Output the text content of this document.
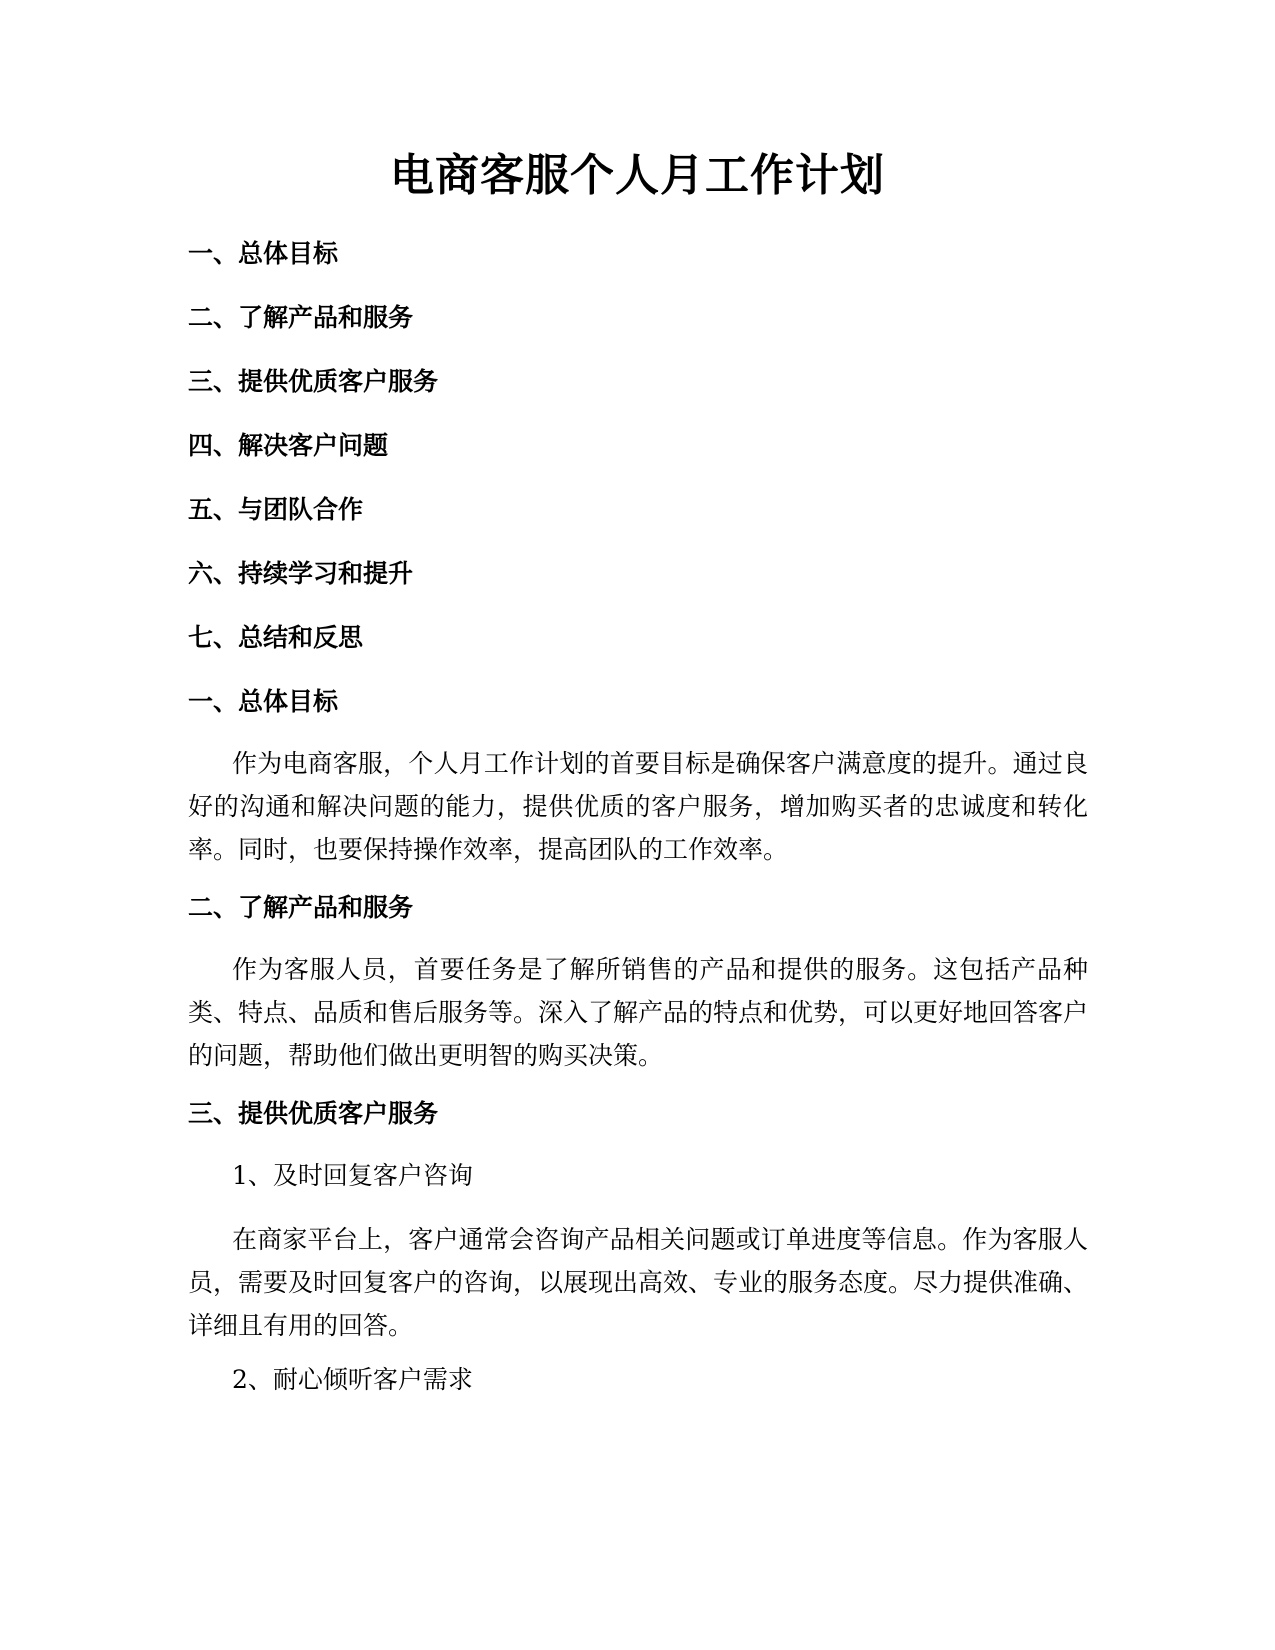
电商客服个人月工作计划
一、总体目标
二、了解产品和服务
三、提供优质客户服务
四、解决客户问题
五、与团队合作
六、持续学习和提升
七、总结和反思
一、总体目标
作为电商客服，个人月工作计划的首要目标是确保客户满意度的提升。通过良好的沟通和解决问题的能力，提供优质的客户服务，增加购买者的忠诚度和转化率。同时，也要保持操作效率，提高团队的工作效率。
二、了解产品和服务
作为客服人员，首要任务是了解所销售的产品和提供的服务。这包括产品种类、特点、品质和售后服务等。深入了解产品的特点和优势，可以更好地回答客户的问题，帮助他们做出更明智的购买决策。
三、提供优质客户服务
1、及时回复客户咨询
在商家平台上，客户通常会咨询产品相关问题或订单进度等信息。作为客服人员，需要及时回复客户的咨询，以展现出高效、专业的服务态度。尽力提供准确、详细且有用的回答。
2、耐心倾听客户需求
